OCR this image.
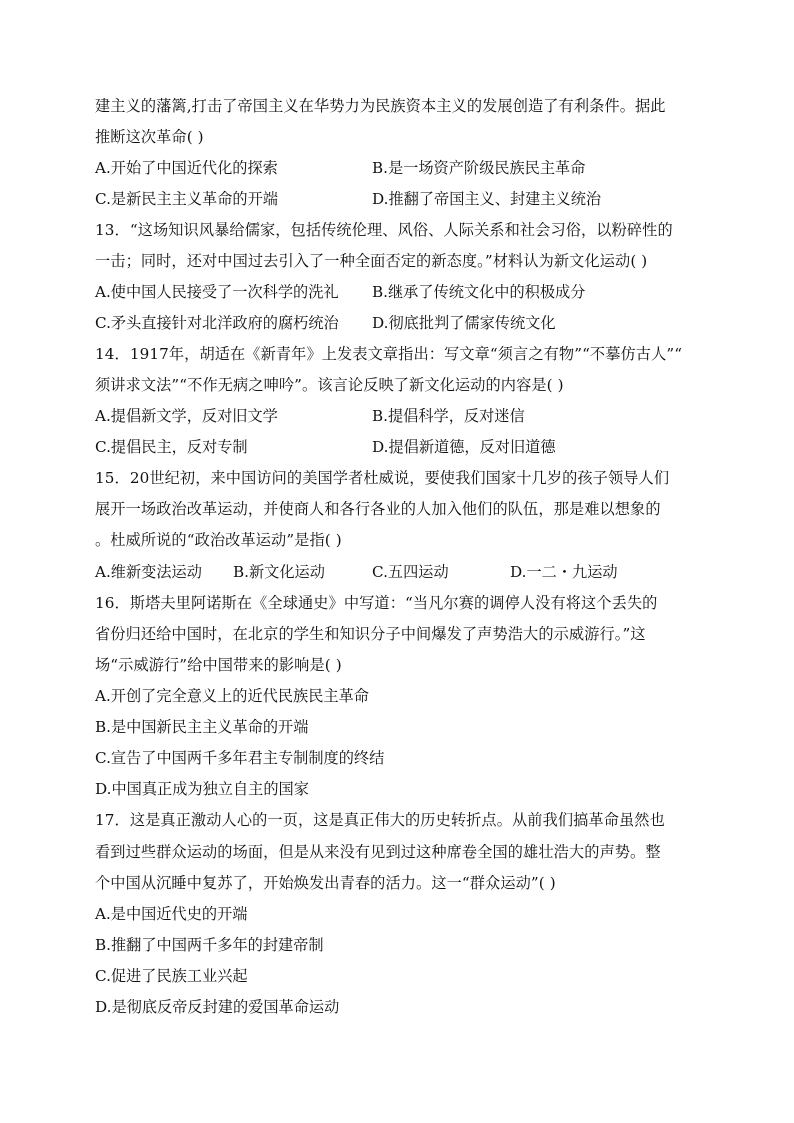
建主义的藩篱,打击了帝国主义在华势力为民族资本主义的发展创造了有利条件。据此
推断这次革命( )
A.开始了中国近代化的探索	B.是一场资产阶级民族民主革命
C.是新民主主义革命的开端	D.推翻了帝国主义、封建主义统治
13．“这场知识风暴给儒家，包括传统伦理、风俗、人际关系和社会习俗，以粉碎性的
一击；同时，还对中国过去引入了一种全面否定的新态度。”材料认为新文化运动( )
A.使中国人民接受了一次科学的洗礼 B.继承了传统文化中的积极成分
C.矛头直接针对北洋政府的腐朽统治 D.彻底批判了儒家传统文化
14．1917年，胡适在《新青年》上发表文章指出：写文章“须言之有物”“不摹仿古人”“
须讲求文法”“不作无病之呻吟”。该言论反映了新文化运动的内容是( )
A.提倡新文学，反对旧文学	B.提倡科学，反对迷信
C.提倡民主，反对专制	D.提倡新道德，反对旧道德
15．20世纪初，来中国访问的美国学者杜威说，要使我们国家十几岁的孩子领导人们
展开一场政治改革运动，并使商人和各行各业的人加入他们的队伍，那是难以想象的
。杜威所说的“政治改革运动”是指( )
A.维新变法运动 B.新文化运动	C.五四运动	D.一二・九运动
16．斯塔夫里阿诺斯在《全球通史》中写道：“当凡尔赛的调停人没有将这个丢失的
省份归还给中国时，在北京的学生和知识分子中间爆发了声势浩大的示威游行。”这
场“示威游行”给中国带来的影响是( )
A.开创了完全意义上的近代民族民主革命
B.是中国新民主主义革命的开端
C.宣告了中国两千多年君主专制制度的终结
D.中国真正成为独立自主的国家
17．这是真正激动人心的一页，这是真正伟大的历史转折点。从前我们搞革命虽然也
看到过些群众运动的场面，但是从来没有见到过这种席卷全国的雄壮浩大的声势。整
个中国从沉睡中复苏了，开始焕发出青春的活力。这一“群众运动”( )
A.是中国近代史的开端
B.推翻了中国两千多年的封建帝制
C.促进了民族工业兴起
D.是彻底反帝反封建的爱国革命运动
